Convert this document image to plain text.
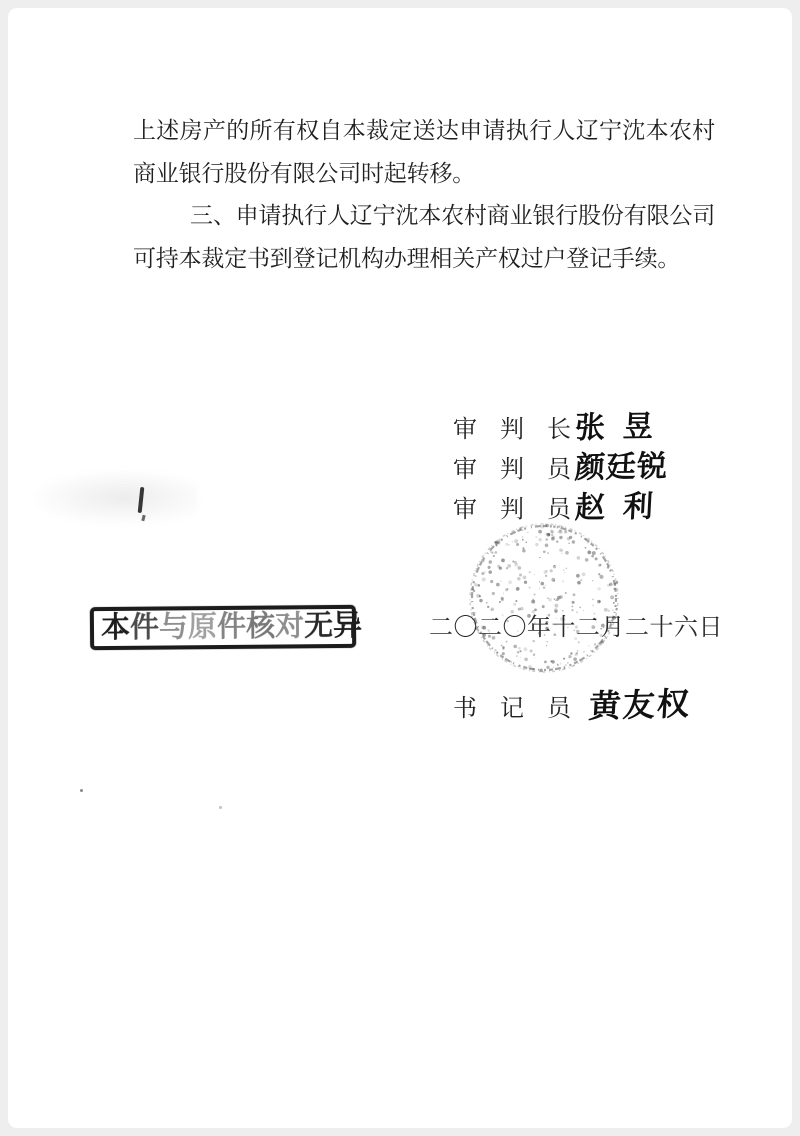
上述房产的所有权自本裁定送达申请执行人辽宁沈本农村商业银行股份有限公司时起转移。

三、申请执行人辽宁沈本农村商业银行股份有限公司可持本裁定书到登记机构办理相关产权过户登记手续。

审 判 长 张  昱
审 判 员 颜廷锐
审 判 员 赵  利
二〇二〇年十二月二十六日
书 记 员 黄友权
本 件 与 原 件 核 对 无 异
